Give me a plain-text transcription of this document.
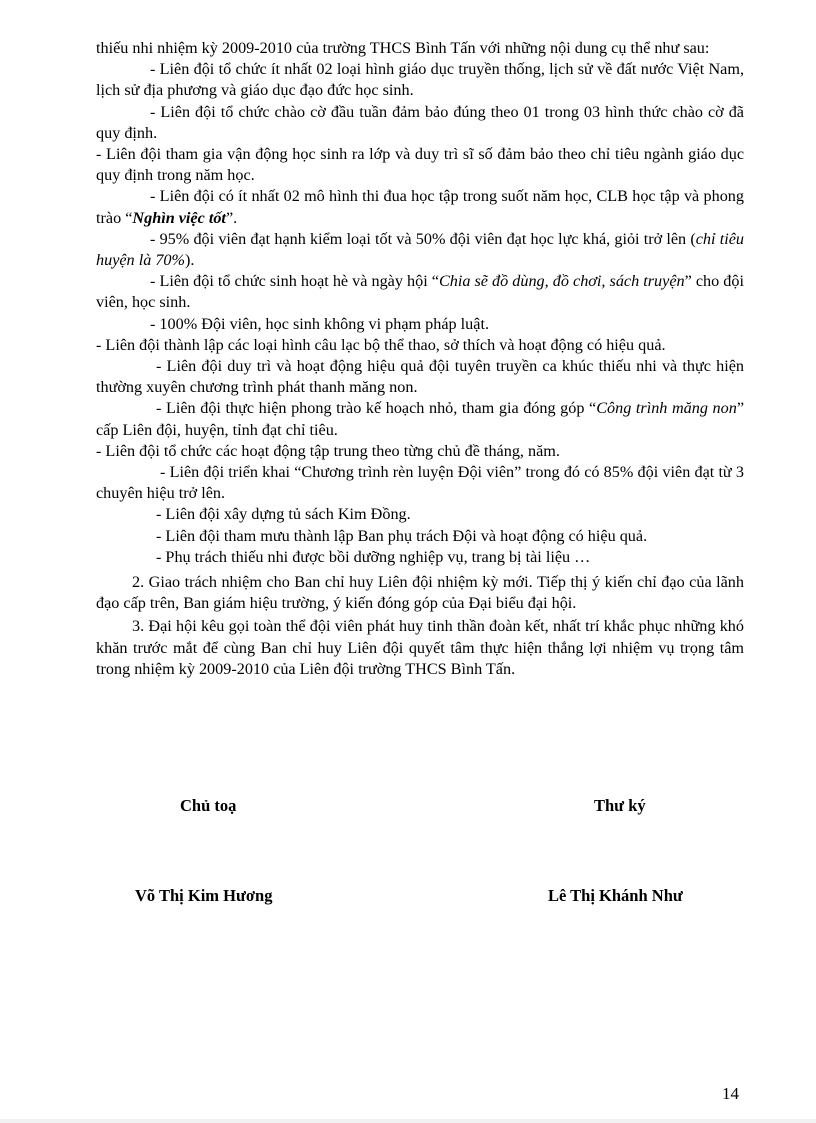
thiếu nhi nhiệm kỳ 2009-2010 của trường THCS Bình Tấn với những nội dung cụ thể như sau:

- Liên đội tổ chức ít nhất 02 loại hình giáo dục truyền thống, lịch sử về đất nước Việt Nam, lịch sử địa phương và giáo dục đạo đức học sinh.

- Liên đội tổ chức chào cờ đầu tuần đảm bảo đúng theo 01 trong 03 hình thức chào cờ đã quy định.

- Liên đội tham gia vận động học sinh ra lớp và duy trì sĩ số đảm bảo theo chỉ tiêu ngành giáo dục quy định trong năm học.

- Liên đội có ít nhất 02 mô hình thi đua học tập trong suốt năm học, CLB học tập và phong trào “Nghìn việc tốt”.

- 95% đội viên đạt hạnh kiểm loại tốt và 50% đội viên đạt học lực khá, giỏi trở lên (chỉ tiêu huyện là 70%).

- Liên đội tổ chức sinh hoạt hè và ngày hội “Chia sẽ đồ dùng, đồ chơi, sách truyện” cho đội viên, học sinh.

- 100% Đội viên, học sinh không vi phạm pháp luật.

- Liên đội thành lập các loại hình câu lạc bộ thể thao, sở thích và hoạt động có hiệu quả.

- Liên đội duy trì và hoạt động hiệu quả đội tuyên truyền ca khúc thiếu nhi và thực hiện thường xuyên chương trình phát thanh măng non.

- Liên đội thực hiện phong trào kế hoạch nhỏ, tham gia đóng góp “Công trình măng non” cấp Liên đội, huyện, tỉnh đạt chỉ tiêu.

- Liên đội tổ chức các hoạt động tập trung theo từng chủ đề tháng, năm.

- Liên đội triển khai “Chương trình rèn luyện Đội viên” trong đó có 85% đội viên đạt từ 3 chuyên hiệu trở lên.

- Liên đội xây dựng tủ sách Kim Đồng.

- Liên đội tham mưu thành lập Ban phụ trách Đội và hoạt động có hiệu quả.

- Phụ trách thiếu nhi được bồi dưỡng nghiệp vụ, trang bị tài liệu …

2. Giao trách nhiệm cho Ban chỉ huy Liên đội nhiệm kỳ mới. Tiếp thị ý kiến chỉ đạo của lãnh đạo cấp trên, Ban giám hiệu trường, ý kiến đóng góp của Đại biểu đại hội.

3. Đại hội kêu gọi toàn thể đội viên phát huy tinh thần đoàn kết, nhất trí khắc phục những khó khăn trước mắt để cùng Ban chỉ huy Liên đội quyết tâm thực hiện thắng lợi nhiệm vụ trọng tâm trong nhiệm kỳ 2009-2010 của Liên đội trường THCS Bình Tấn.

Chủ toạ	Thư ký
Võ Thị Kim Hương	Lê Thị Khánh Như
14
